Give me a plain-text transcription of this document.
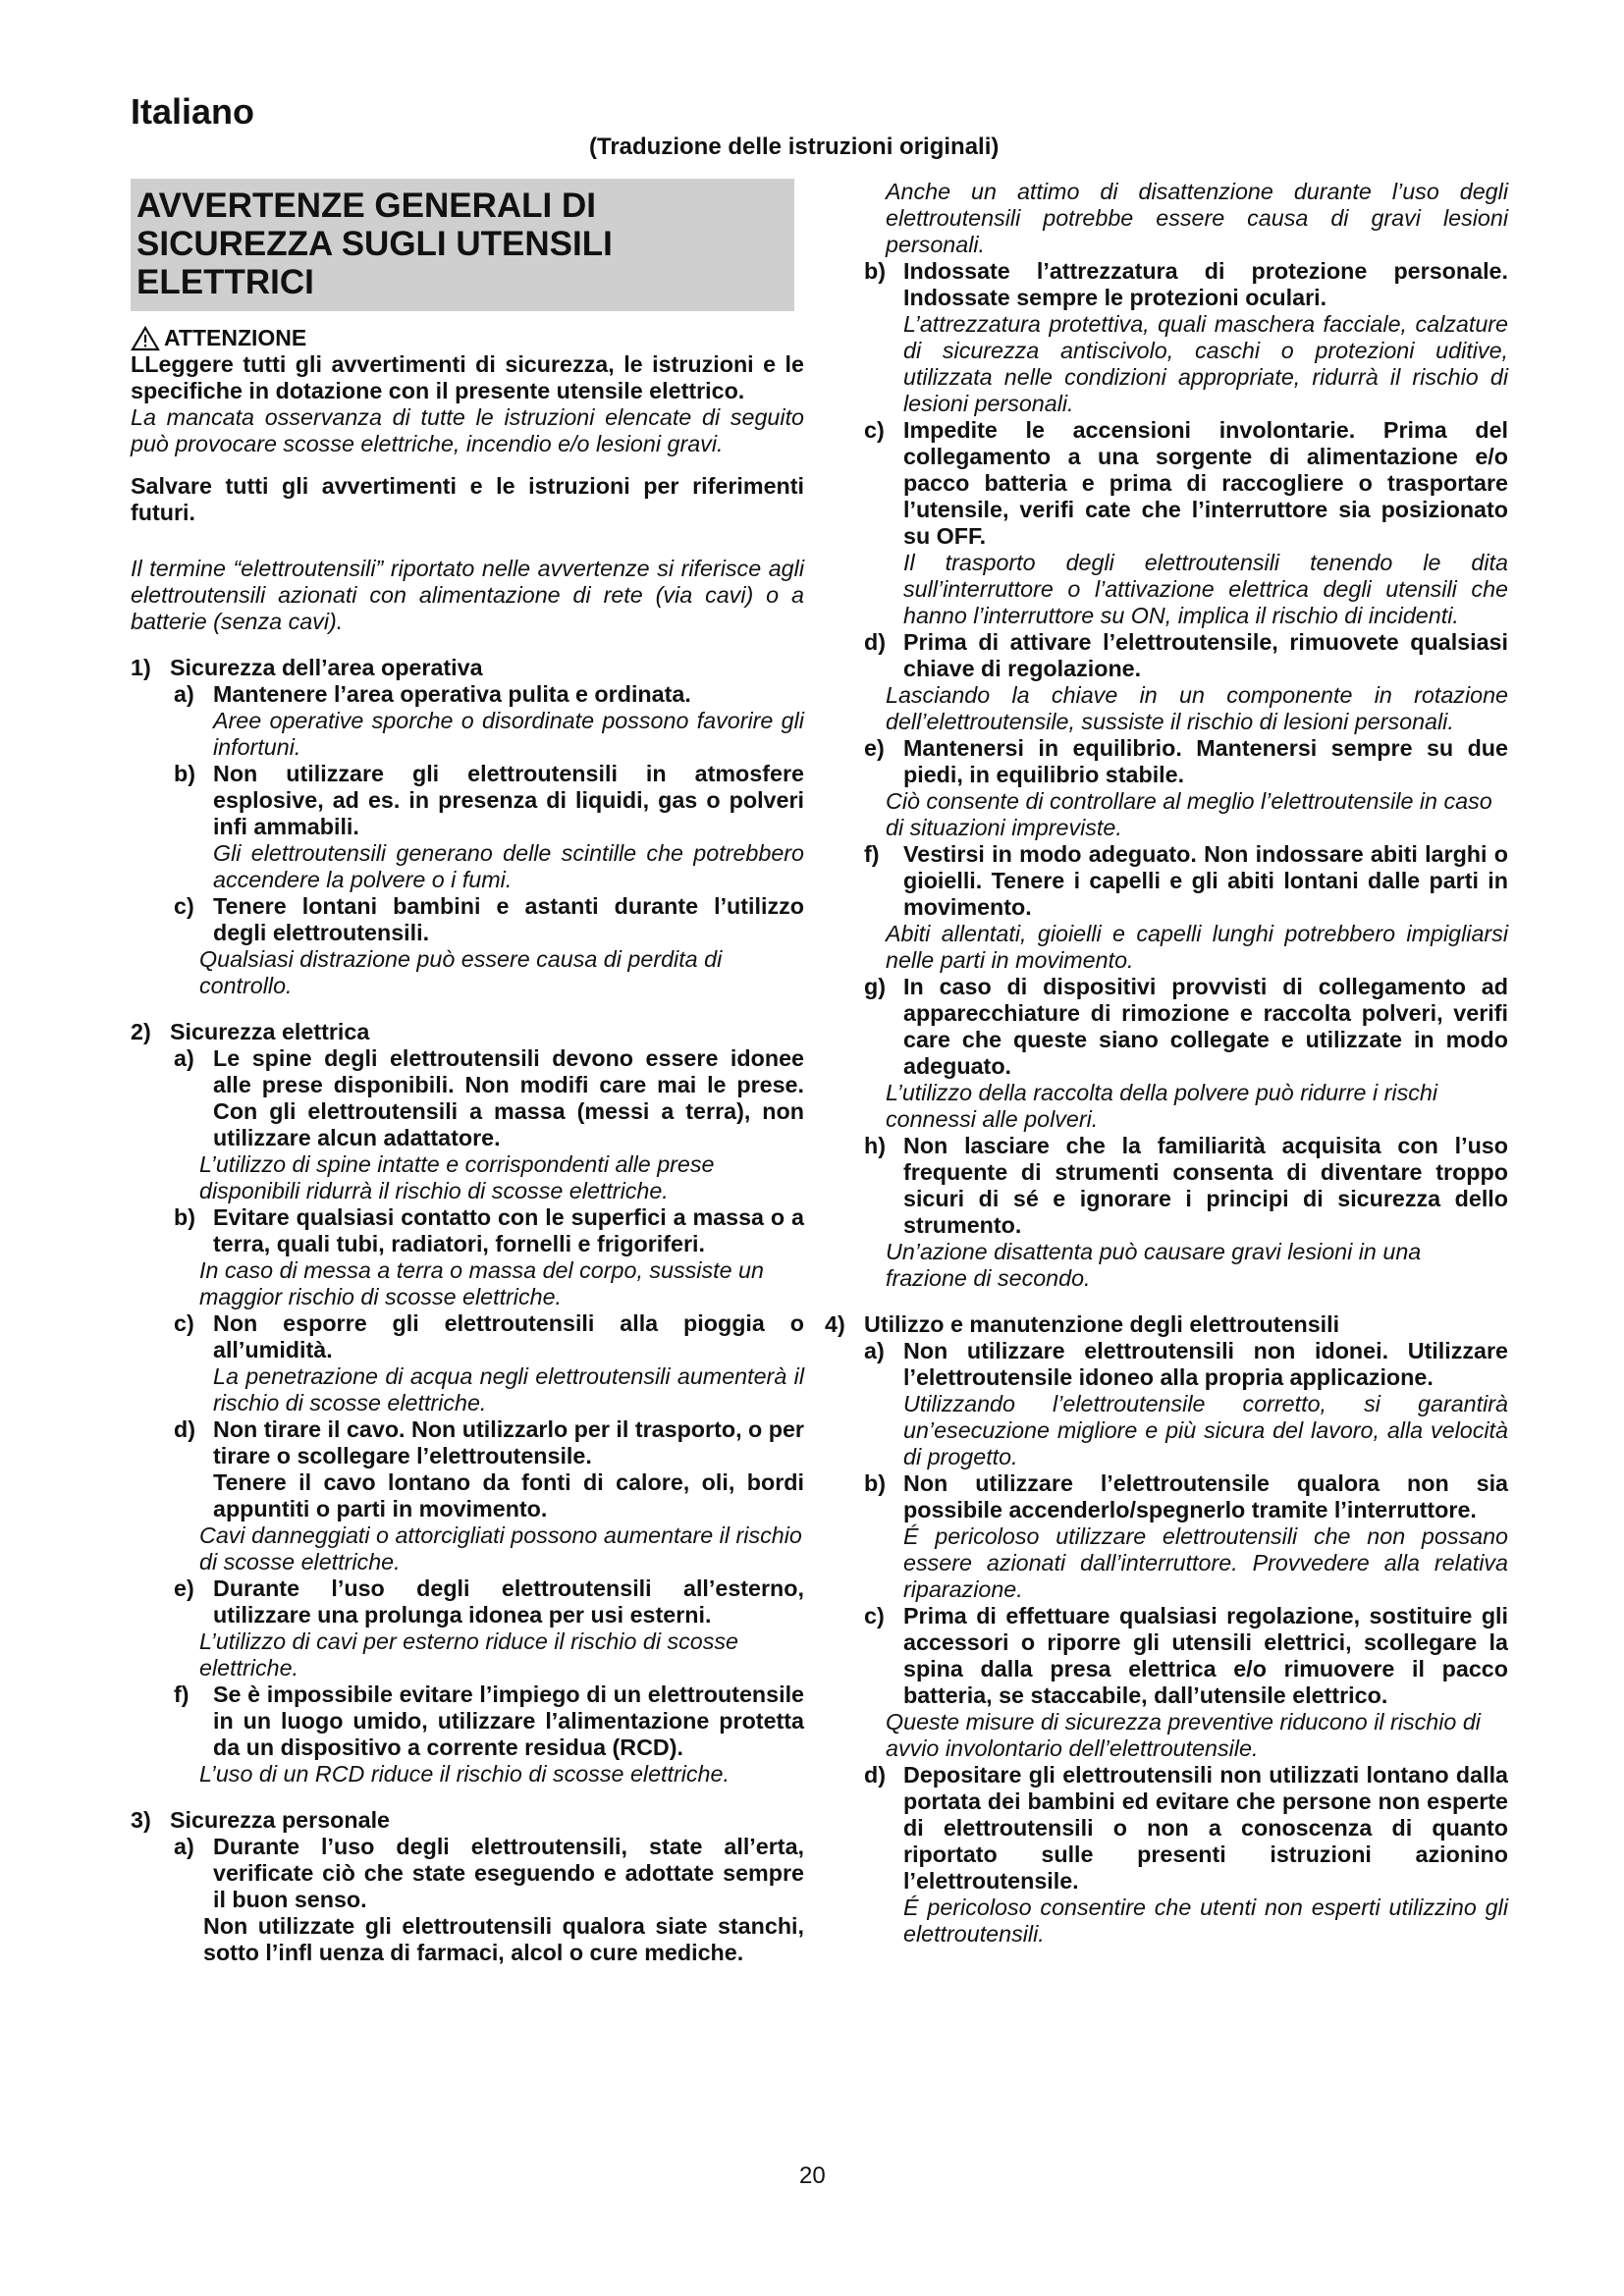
Italiano
(Traduzione delle istruzioni originali)
AVVERTENZE GENERALI DI SICUREZZA SUGLI UTENSILI ELETTRICI
ATTENZIONE

LLeggere tutti gli avvertimenti di sicurezza, le istruzioni e le specifiche in dotazione con il presente utensile elettrico.

La mancata osservanza di tutte le istruzioni elencate di seguito può provocare scosse elettriche, incendio e/o lesioni gravi.

Salvare tutti gli avvertimenti e le istruzioni per riferimenti futuri.

Il termine “elettroutensili” riportato nelle avvertenze si riferisce agli elettroutensili azionati con alimentazione di rete (via cavi) o a batterie (senza cavi).

1) Sicurezza dell’area operativa
a) Mantenere l’area operativa pulita e ordinata.

Aree operative sporche o disordinate possono favorire gli infortuni.

b) Non utilizzare gli elettroutensili in atmosfere esplosive, ad es. in presenza di liquidi, gas o polveri infi ammabili.

Gli elettroutensili generano delle scintille che potrebbero accendere la polvere o i fumi.

c) Tenere lontani bambini e astanti durante l’utilizzo degli elettroutensili.

Qualsiasi distrazione può essere causa di perdita di controllo.

2) Sicurezza elettrica
a) Le spine degli elettroutensili devono essere idonee alle prese disponibili. Non modifi care mai le prese. Con gli elettroutensili a massa (messi a terra), non utilizzare alcun adattatore.

L’utilizzo di spine intatte e corrispondenti alle prese disponibili ridurrà il rischio di scosse elettriche.

b) Evitare qualsiasi contatto con le superfici a massa o a terra, quali tubi, radiatori, fornelli e frigoriferi.

In caso di messa a terra o massa del corpo, sussiste un maggior rischio di scosse elettriche.

c) Non esporre gli elettroutensili alla pioggia o all’umidità.

La penetrazione di acqua negli elettroutensili aumenterà il rischio di scosse elettriche.

d) Non tirare il cavo. Non utilizzarlo per il trasporto, o per tirare o scollegare l’elettroutensile.

Tenere il cavo lontano da fonti di calore, oli, bordi appuntiti o parti in movimento.

Cavi danneggiati o attorcigliati possono aumentare il rischio di scosse elettriche.

e) Durante l’uso degli elettroutensili all’esterno, utilizzare una prolunga idonea per usi esterni.

L’utilizzo di cavi per esterno riduce il rischio di scosse elettriche.

f)	Se è impossibile evitare l’impiego di un elettroutensile in un luogo umido, utilizzare l’alimentazione protetta da un dispositivo a corrente residua (RCD).

L’uso di un RCD riduce il rischio di scosse elettriche.

3) Sicurezza personale
a) Durante l’uso degli elettroutensili, state all’erta, verificate ciò che state eseguendo e adottate sempre il buon senso.

Non utilizzate gli elettroutensili qualora siate stanchi, sotto l’infl uenza di farmaci, alcol o cure mediche.

Anche un attimo di disattenzione durante l’uso degli elettroutensili potrebbe essere causa di gravi lesioni personali.

b) Indossate l’attrezzatura di protezione personale. Indossate sempre le protezioni oculari.

L’attrezzatura protettiva, quali maschera facciale, calzature di sicurezza antiscivolo, caschi o protezioni uditive, utilizzata nelle condizioni appropriate, ridurrà il rischio di lesioni personali.

c) Impedite le accensioni involontarie. Prima del collegamento a una sorgente di alimentazione e/o pacco batteria e prima di raccogliere o trasportare l’utensile, verifi cate che l’interruttore sia posizionato su OFF.

Il trasporto degli elettroutensili tenendo le dita sull’interruttore o l’attivazione elettrica degli utensili che hanno l’interruttore su ON, implica il rischio di incidenti.

d) Prima di attivare l’elettroutensile, rimuovete qualsiasi chiave di regolazione.

Lasciando la chiave in un componente in rotazione dell’elettroutensile, sussiste il rischio di lesioni personali.

e) Mantenersi in equilibrio. Mantenersi sempre su due piedi, in equilibrio stabile.

Ciò consente di controllare al meglio l’elettroutensile in caso di situazioni impreviste.

f)	Vestirsi in modo adeguato. Non indossare abiti larghi o gioielli. Tenere i capelli e gli abiti lontani dalle parti in movimento.

Abiti allentati, gioielli e capelli lunghi potrebbero impigliarsi nelle parti in movimento.

g) In caso di dispositivi provvisti di collegamento ad apparecchiature di rimozione e raccolta polveri, verifi care che queste siano collegate e utilizzate in modo adeguato.

L’utilizzo della raccolta della polvere può ridurre i rischi connessi alle polveri.

h) Non lasciare che la familiarità acquisita con l’uso frequente di strumenti consenta di diventare troppo sicuri di sé e ignorare i principi di sicurezza dello strumento.

Un’azione disattenta può causare gravi lesioni in una frazione di secondo.

4) Utilizzo e manutenzione degli elettroutensili
a) Non utilizzare elettroutensili non idonei. Utilizzare l’elettroutensile idoneo alla propria applicazione.

Utilizzando l’elettroutensile corretto, si garantirà un’esecuzione migliore e più sicura del lavoro, alla velocità di progetto.

b) Non utilizzare l’elettroutensile qualora non sia possibile accenderlo/spegnerlo tramite l’interruttore.

É pericoloso utilizzare elettroutensili che non possano essere azionati dall’interruttore. Provvedere alla relativa riparazione.

c) Prima di effettuare qualsiasi regolazione, sostituire gli accessori o riporre gli utensili elettrici, scollegare la spina dalla presa elettrica e/o rimuovere il pacco batteria, se staccabile, dall’utensile elettrico.

Queste misure di sicurezza preventive riducono il rischio di avvio involontario dell’elettroutensile.

d) Depositare gli elettroutensili non utilizzati lontano dalla portata dei bambini ed evitare che persone non esperte di elettroutensili o non a conoscenza di quanto riportato sulle presenti istruzioni azionino l’elettroutensile.

É pericoloso consentire che utenti non esperti utilizzino gli elettroutensili.

20
